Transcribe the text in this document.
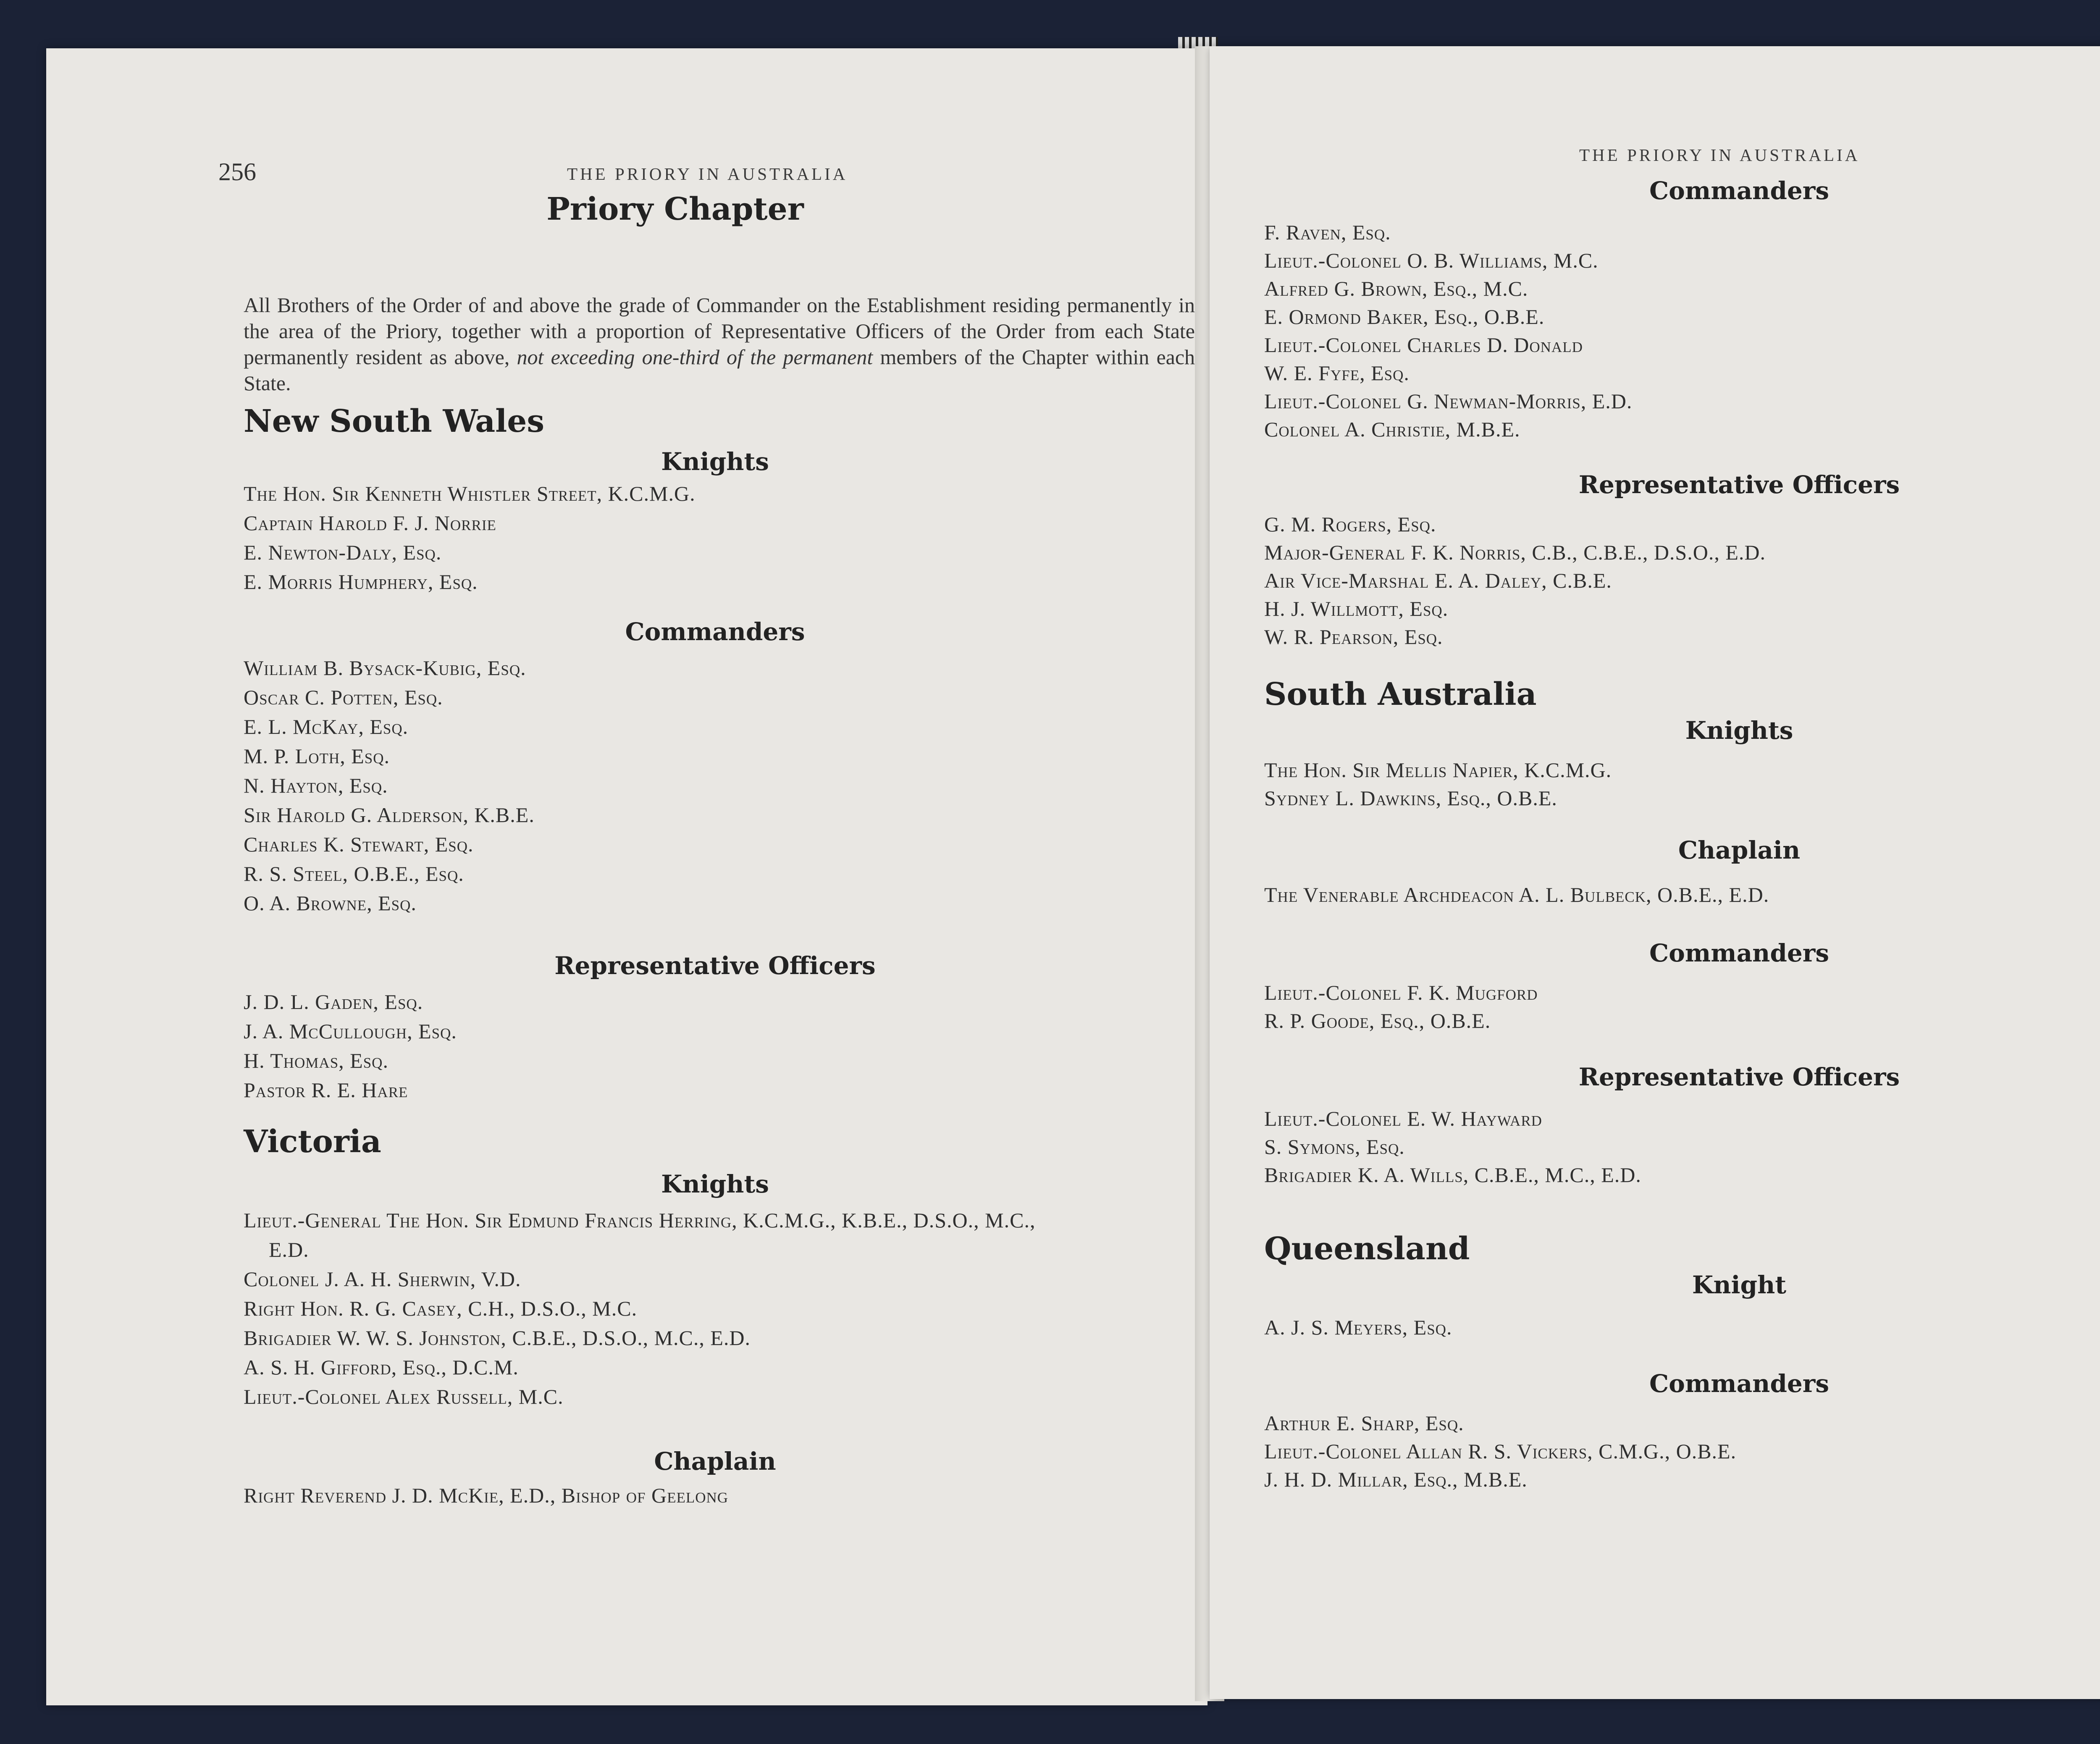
256	THE PRIORY IN AUSTRALIA
Priory Chapter
All Brothers of the Order of and above the grade of Commander on the Establishment residing permanently in the area of the Priory, together with a proportion of Representative Officers of the Order from each State permanently resident as above, not exceeding one-third of the permanent members of the Chapter within each State.
New South Wales
Knights
The Hon. Sir Kenneth Whistler Street, K.C.M.G.
Captain Harold F. J. Norrie
E. Newton-Daly, Esq.
E. Morris Humphery, Esq.
Commanders
William B. Bysack-Kubig, Esq.
Oscar C. Potten, Esq.
E. L. McKay, Esq.
M. P. Loth, Esq.
N. Hayton, Esq.
Sir Harold G. Alderson, K.B.E.
Charles K. Stewart, Esq.
R. S. Steel, O.B.E., Esq.
O. A. Browne, Esq.
Representative Officers
J. D. L. Gaden, Esq.
J. A. McCullough, Esq.
H. Thomas, Esq.
Pastor R. E. Hare
Victoria
Knights
Lieut.-General The Hon. Sir Edmund Francis Herring, K.C.M.G., K.B.E., D.S.O., M.C.,
E.D.
Colonel J. A. H. Sherwin, V.D.
Right Hon. R. G. Casey, C.H., D.S.O., M.C.
Brigadier W. W. S. Johnston, C.B.E., D.S.O., M.C., E.D.
A. S. H. Gifford, Esq., D.C.M.
Lieut.-Colonel Alex Russell, M.C.
Chaplain
Right Reverend J. D. McKie, E.D., Bishop of Geelong
THE PRIORY IN AUSTRALIA
Commanders
F. Raven, Esq.
Lieut.-Colonel O. B. Williams, M.C.
Alfred G. Brown, Esq., M.C.
E. Ormond Baker, Esq., O.B.E.
Lieut.-Colonel Charles D. Donald
W. E. Fyfe, Esq.
Lieut.-Colonel G. Newman-Morris, E.D.
Colonel A. Christie, M.B.E.
Representative Officers
G. M. Rogers, Esq.
Major-General F. K. Norris, C.B., C.B.E., D.S.O., E.D.
Air Vice-Marshal E. A. Daley, C.B.E.
H. J. Willmott, Esq.
W. R. Pearson, Esq.
South Australia
Knights
The Hon. Sir Mellis Napier, K.C.M.G.
Sydney L. Dawkins, Esq., O.B.E.
Chaplain
The Venerable Archdeacon A. L. Bulbeck, O.B.E., E.D.
Commanders
Lieut.-Colonel F. K. Mugford
R. P. Goode, Esq., O.B.E.
Representative Officers
Lieut.-Colonel E. W. Hayward
S. Symons, Esq.
Brigadier K. A. Wills, C.B.E., M.C., E.D.
Queensland
Knight
A. J. S. Meyers, Esq.
Commanders
Arthur E. Sharp, Esq.
Lieut.-Colonel Allan R. S. Vickers, C.M.G., O.B.E.
J. H. D. Millar, Esq., M.B.E.
